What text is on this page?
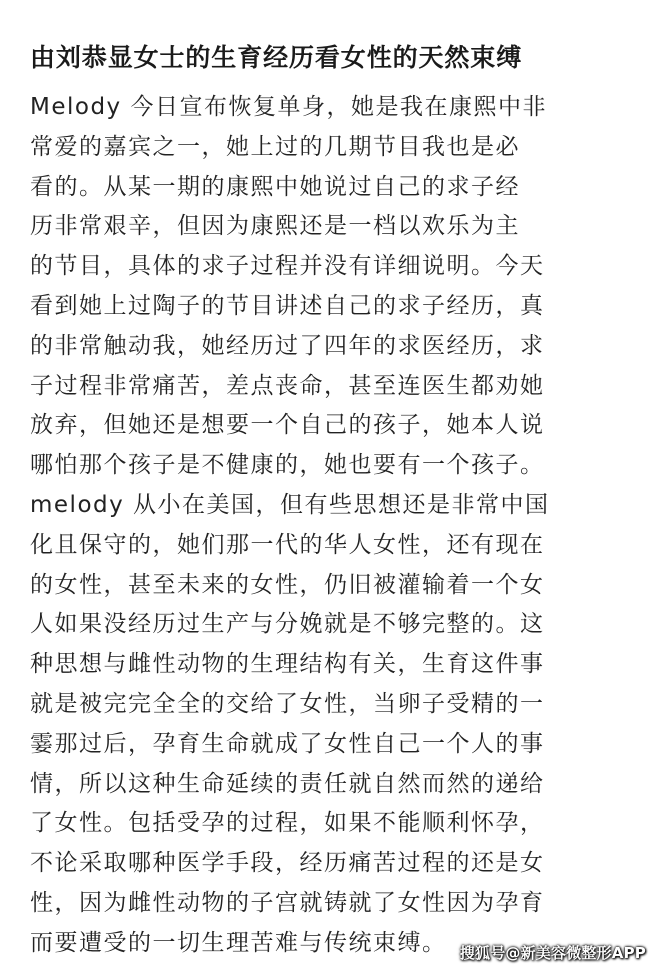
由刘恭显女士的生育经历看女性的天然束缚
Melody 今日宣布恢复单身，她是我在康熙中非
常爱的嘉宾之一，她上过的几期节目我也是必
看的。从某一期的康熙中她说过自己的求子经
历非常艰辛，但因为康熙还是一档以欢乐为主
的节目，具体的求子过程并没有详细说明。今天
看到她上过陶子的节目讲述自己的求子经历，真
的非常触动我，她经历过了四年的求医经历，求
子过程非常痛苦，差点丧命，甚至连医生都劝她
放弃，但她还是想要一个自己的孩子，她本人说
哪怕那个孩子是不健康的，她也要有一个孩子。
melody 从小在美国，但有些思想还是非常中国
化且保守的，她们那一代的华人女性，还有现在
的女性，甚至未来的女性，仍旧被灌输着一个女
人如果没经历过生产与分娩就是不够完整的。这
种思想与雌性动物的生理结构有关，生育这件事
就是被完完全全的交给了女性，当卵子受精的一
霎那过后，孕育生命就成了女性自己一个人的事
情，所以这种生命延续的责任就自然而然的递给
了女性。包括受孕的过程，如果不能顺利怀孕，
不论采取哪种医学手段，经历痛苦过程的还是女
性，因为雌性动物的子宫就铸就了女性因为孕育
而要遭受的一切生理苦难与传统束缚。 搜狐号@新美容微整形APP
